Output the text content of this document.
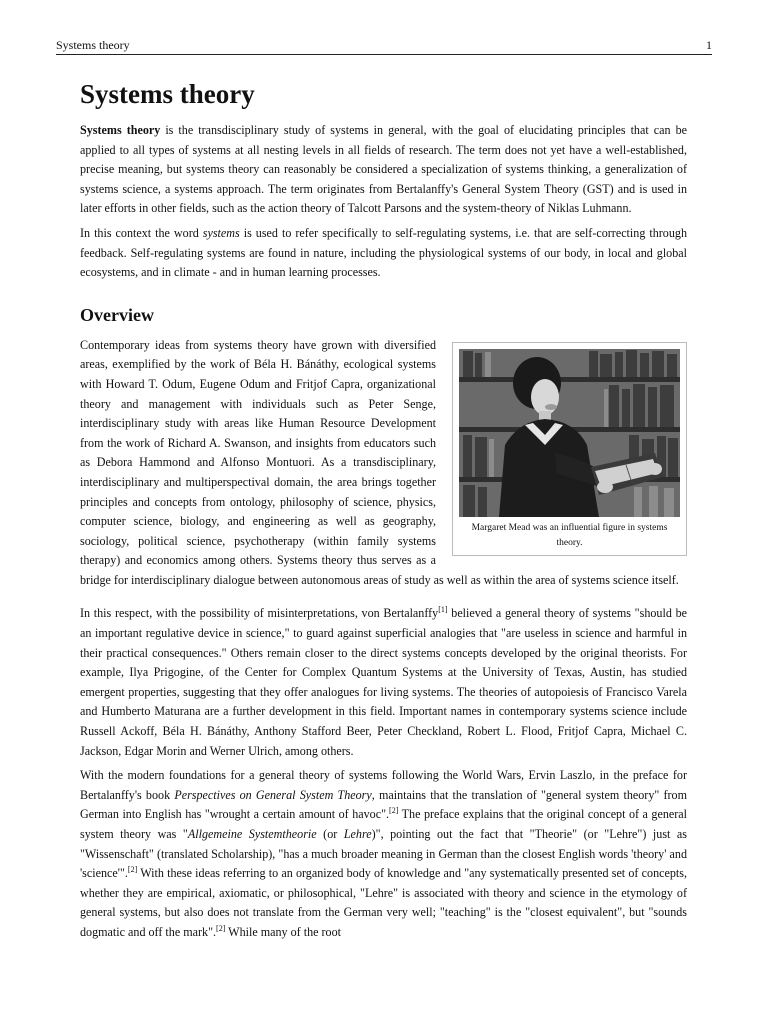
Systems theory	1
Systems theory

Systems theory is the transdisciplinary study of systems in general, with the goal of elucidating principles that can be applied to all types of systems at all nesting levels in all fields of research. The term does not yet have a well-established, precise meaning, but systems theory can reasonably be considered a specialization of systems thinking, a generalization of systems science, a systems approach. The term originates from Bertalanffy's General System Theory (GST) and is used in later efforts in other fields, such as the action theory of Talcott Parsons and the system-theory of Niklas Luhmann.

In this context the word systems is used to refer specifically to self-regulating systems, i.e. that are self-correcting through feedback. Self-regulating systems are found in nature, including the physiological systems of our body, in local and global ecosystems, and in climate - and in human learning processes.

Overview
Margaret Mead was an influential figure in systems theory.

Contemporary ideas from systems theory have grown with diversified areas, exemplified by the work of Béla H. Bánáthy, ecological systems with Howard T. Odum, Eugene Odum and Fritjof Capra, organizational theory and management with individuals such as Peter Senge, interdisciplinary study with areas like Human Resource Development from the work of Richard A. Swanson, and insights from educators such as Debora Hammond and Alfonso Montuori. As a transdisciplinary, interdisciplinary and multiperspectival domain, the area brings together principles and concepts from ontology, philosophy of science, physics, computer science, biology, and engineering as well as geography, sociology, political science, psychotherapy (within family systems therapy) and economics among others. Systems theory thus serves as a bridge for interdisciplinary dialogue between autonomous areas of study as well as within the area of systems science itself.

In this respect, with the possibility of misinterpretations, von Bertalanffy[1] believed a general theory of systems "should be an important regulative device in science," to guard against superficial analogies that "are useless in science and harmful in their practical consequences." Others remain closer to the direct systems concepts developed by the original theorists. For example, Ilya Prigogine, of the Center for Complex Quantum Systems at the University of Texas, Austin, has studied emergent properties, suggesting that they offer analogues for living systems. The theories of autopoiesis of Francisco Varela and Humberto Maturana are a further development in this field. Important names in contemporary systems science include Russell Ackoff, Béla H. Bánáthy, Anthony Stafford Beer, Peter Checkland, Robert L. Flood, Fritjof Capra, Michael C. Jackson, Edgar Morin and Werner Ulrich, among others.

With the modern foundations for a general theory of systems following the World Wars, Ervin Laszlo, in the preface for Bertalanffy's book Perspectives on General System Theory, maintains that the translation of "general system theory" from German into English has "wrought a certain amount of havoc".[2] The preface explains that the original concept of a general system theory was "Allgemeine Systemtheorie (or Lehre)", pointing out the fact that "Theorie" (or "Lehre") just as "Wissenschaft" (translated Scholarship), "has a much broader meaning in German than the closest English words 'theory' and 'science'".[2] With these ideas referring to an organized body of knowledge and "any systematically presented set of concepts, whether they are empirical, axiomatic, or philosophical, "Lehre" is associated with theory and science in the etymology of general systems, but also does not translate from the German very well; "teaching" is the "closest equivalent", but "sounds dogmatic and off the mark".[2] While many of the root
